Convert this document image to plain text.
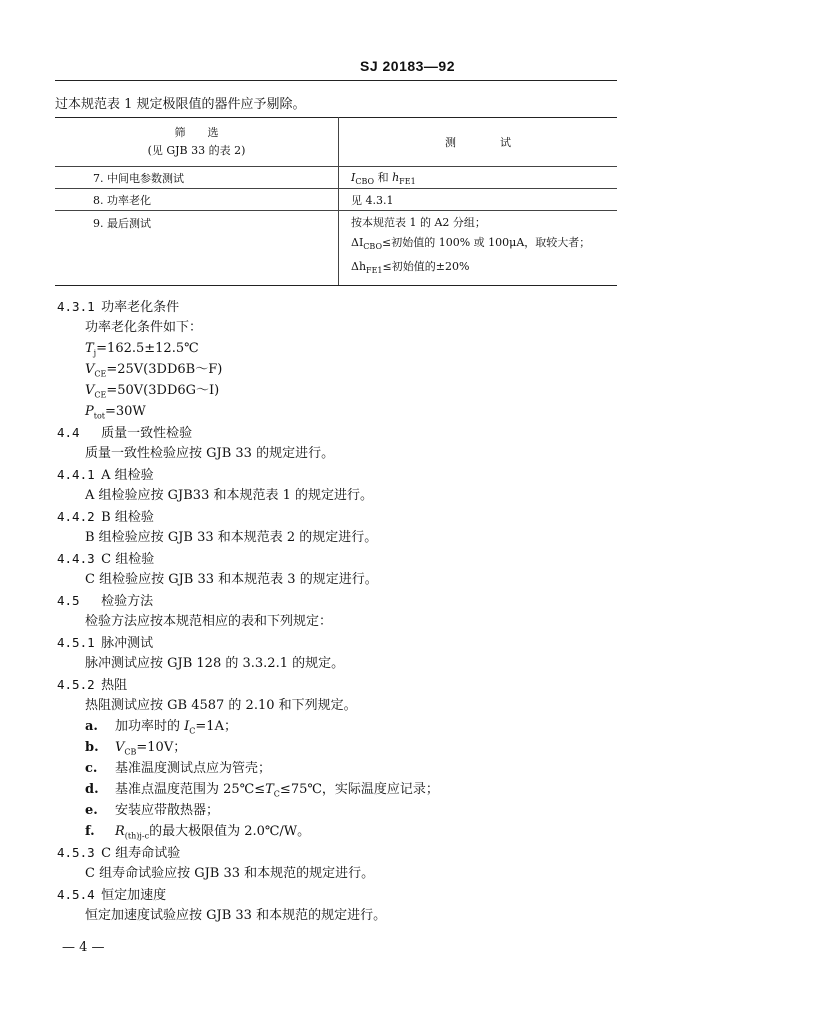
SJ 20183—92
过本规范表 1 规定极限值的器件应予剔除。
筛　　选
(见 GJB 33 的表 2)	测　　　　试
7. 中间电参数测试	$I_{CBO}$ 和 $h_{FE1}$
8. 功率老化	见 4.3.1
9. 最后测试	按本规范表 1 的 A2 分组；
$\Delta I_{CBO}\le$初始值的 100% 或 100μA，取较大者；
$\Delta h_{FE1}\le$初始值的±20%
4.3.1 功率老化条件
功率老化条件如下：
$T_j=162.5\pm 12.5℃$
$V_{CE}=25V(3DD6B\sim F)$
$V_{CE}=50V(3DD6G\sim I)$
$P_{tot}=30W$
4.4 质量一致性检验
质量一致性检验应按 GJB 33 的规定进行。
4.4.1 A 组检验
A 组检验应按 GJB33 和本规范表 1 的规定进行。
4.4.2 B 组检验
B 组检验应按 GJB 33 和本规范表 2 的规定进行。
4.4.3 C 组检验
C 组检验应按 GJB 33 和本规范表 3 的规定进行。
4.5 检验方法
检验方法应按本规范相应的表和下列规定：
4.5.1 脉冲测试
脉冲测试应按 GJB 128 的 3.3.2.1 的规定。
4.5.2 热阻
热阻测试应按 GB 4587 的 2.10 和下列规定。
a. 加功率时的 $I_C=1A$；
b. $V_{CB}=10V$；
c. 基准温度测试点应为管壳；
d. 基准点温度范围为 $25℃\le T_C\le 75℃$，实际温度应记录；
e. 安装应带散热器；
f. $R_{(th)j-c}$的最大极限值为 2.0℃/W。
4.5.3 C 组寿命试验
C 组寿命试验应按 GJB 33 和本规范的规定进行。
4.5.4 恒定加速度
恒定加速度试验应按 GJB 33 和本规范的规定进行。
— 4 —
